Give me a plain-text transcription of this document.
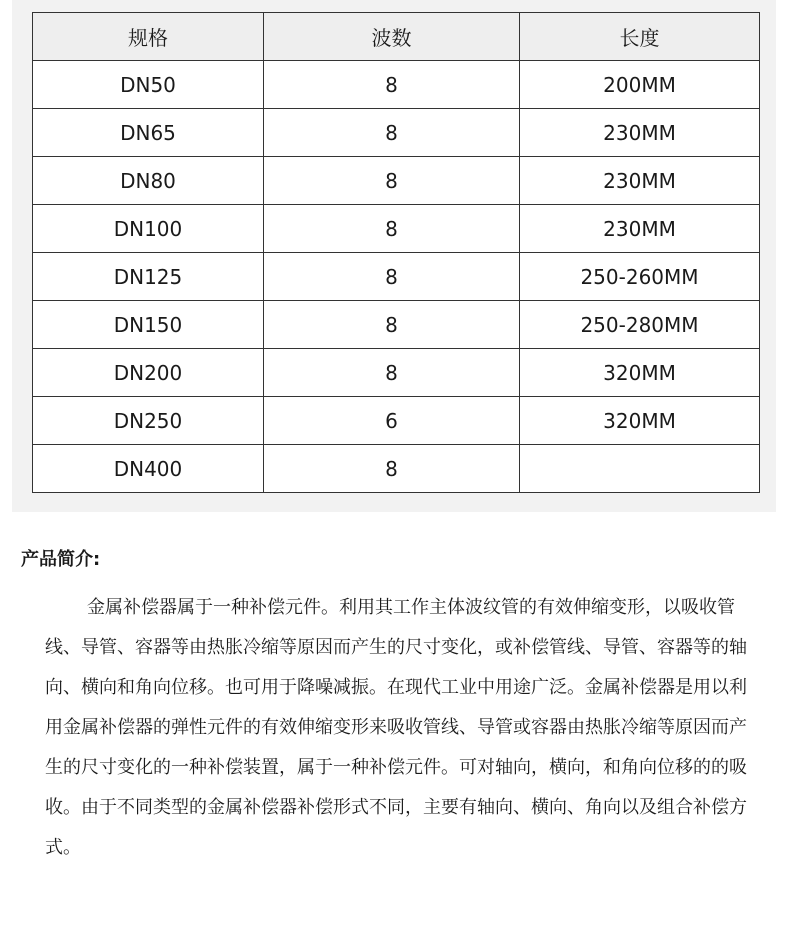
规格	波数	长度
DN50	8	200MM
DN65	8	230MM
DN80	8	230MM
DN100	8	230MM
DN125	8	250-260MM
DN150	8	250-280MM
DN200	8	320MM
DN250	6	320MM
DN400	8	
产品简介:

金属补偿器属于一种补偿元件。利用其工作主体波纹管的有效伸缩变形，以吸收管线、导管、容器等由热胀冷缩等原因而产生的尺寸变化，或补偿管线、导管、容器等的轴向、横向和角向位移。也可用于降噪减振。在现代工业中用途广泛。金属补偿器是用以利用金属补偿器的弹性元件的有效伸缩变形来吸收管线、导管或容器由热胀冷缩等原因而产生的尺寸变化的一种补偿装置，属于一种补偿元件。可对轴向，横向，和角向位移的的吸收。由于不同类型的金属补偿器补偿形式不同，主要有轴向、横向、角向以及组合补偿方式。
